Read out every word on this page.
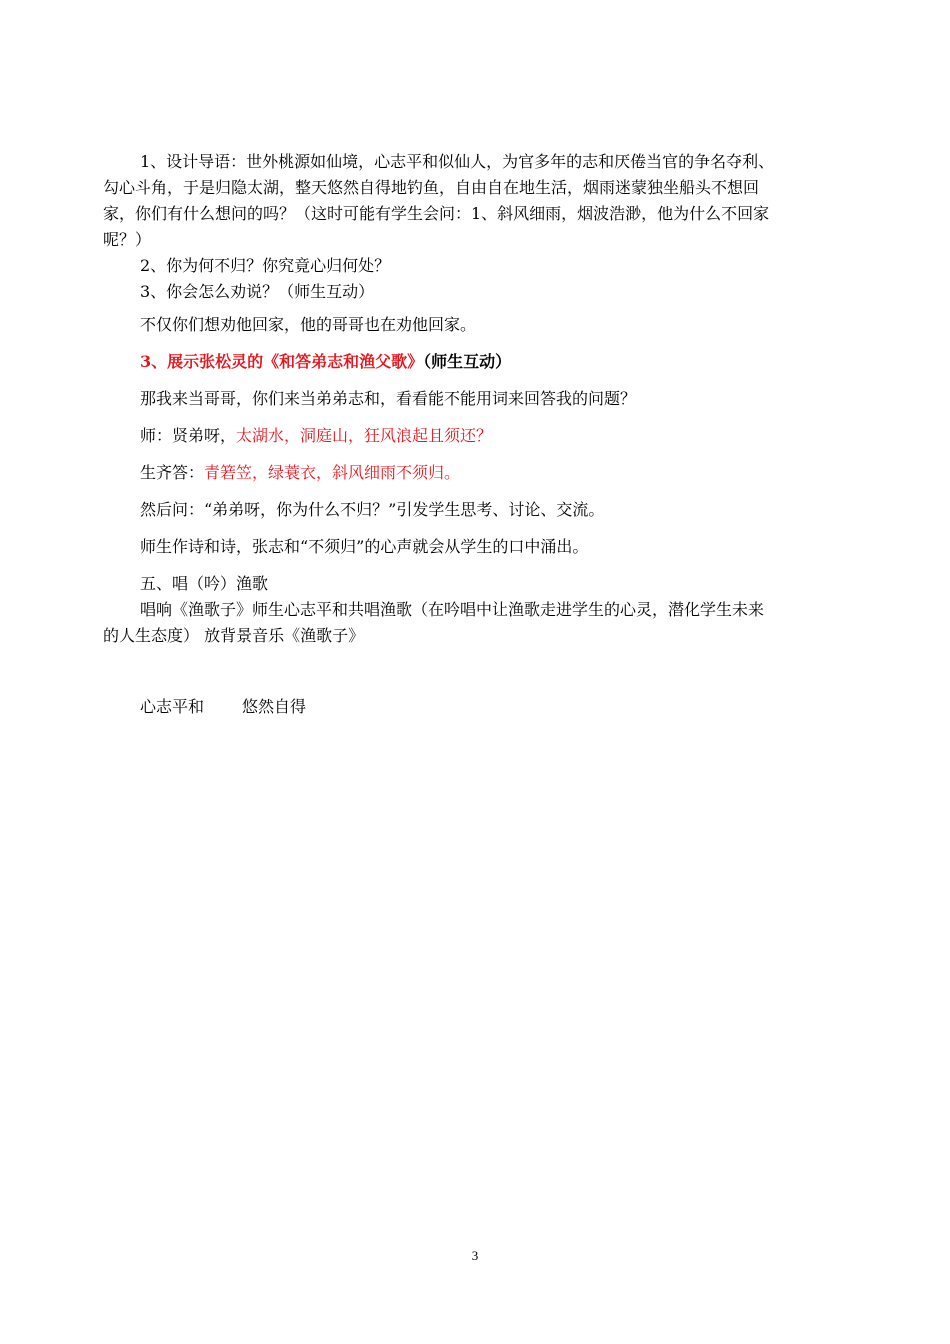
1、设计导语：世外桃源如仙境，心志平和似仙人，为官多年的志和厌倦当官的争名夺利、
勾心斗角，于是归隐太湖，整天悠然自得地钓鱼，自由自在地生活，烟雨迷蒙独坐船头不想回
家，你们有什么想问的吗？（这时可能有学生会问：1、斜风细雨，烟波浩渺，他为什么不回家
呢？）
2、你为何不归？你究竟心归何处？
3、你会怎么劝说？（师生互动）
不仅你们想劝他回家，他的哥哥也在劝他回家。
3、展示张松灵的《和答弟志和渔父歌》（师生互动）
那我来当哥哥，你们来当弟弟志和，看看能不能用词来回答我的问题？
师：贤弟呀，太湖水，洞庭山，狂风浪起且须还？
生齐答：青箬笠，绿蓑衣，斜风细雨不须归。
然后问：“弟弟呀，你为什么不归？”引发学生思考、讨论、交流。
师生作诗和诗，张志和“不须归”的心声就会从学生的口中涌出。
五、唱（吟）渔歌
唱响《渔歌子》师生心志平和共唱渔歌（在吟唱中让渔歌走进学生的心灵，潜化学生未来
的人生态度） 放背景音乐《渔歌子》
心志平和 悠然自得
3
